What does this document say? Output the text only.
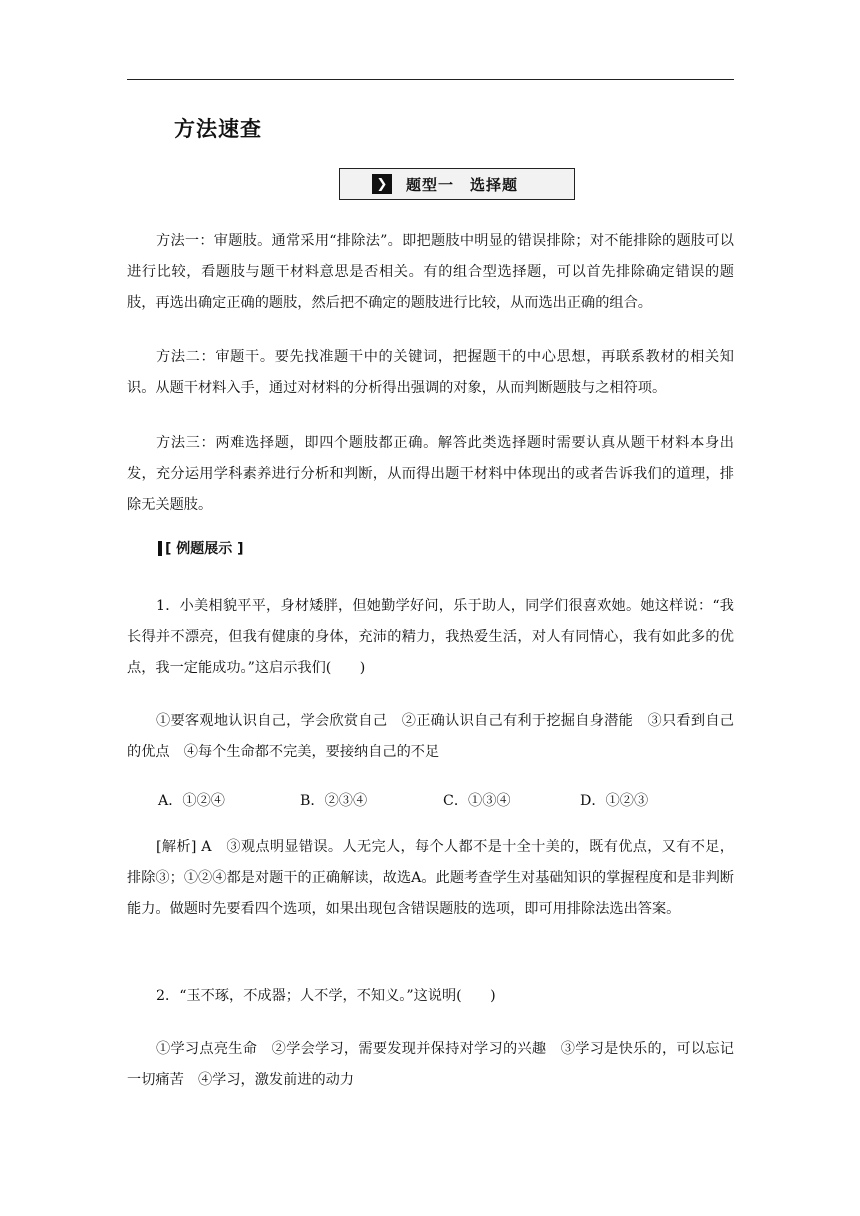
方法速查
❯	题型一　选择题

方法一：审题肢。通常采用“排除法”。即把题肢中明显的错误排除；对不能排除的题肢可以进行比较，看题肢与题干材料意思是否相关。有的组合型选择题，可以首先排除确定错误的题肢，再选出确定正确的题肢，然后把不确定的题肢进行比较，从而选出正确的组合。

方法二：审题干。要先找准题干中的关键词，把握题干的中心思想，再联系教材的相关知识。从题干材料入手，通过对材料的分析得出强调的对象，从而判断题肢与之相符项。

方法三：两难选择题，即四个题肢都正确。解答此类选择题时需要认真从题干材料本身出发，充分运用学科素养进行分析和判断，从而得出题干材料中体现出的或者告诉我们的道理，排除无关题肢。

[ 例题展示 ]

1．小美相貌平平，身材矮胖，但她勤学好问，乐于助人，同学们很喜欢她。她这样说：“我长得并不漂亮，但我有健康的身体，充沛的精力，我热爱生活，对人有同情心，我有如此多的优点，我一定能成功。”这启示我们(　　)

①要客观地认识自己，学会欣赏自己　②正确认识自己有利于挖掘自身潜能　③只看到自己的优点　④每个生命都不完美，要接纳自己的不足

A．①②④	B．②③④	C．①③④	D．①②③

[解析] A　③观点明显错误。人无完人，每个人都不是十全十美的，既有优点，又有不足，排除③；①②④都是对题干的正确解读，故选A。此题考查学生对基础知识的掌握程度和是非判断能力。做题时先要看四个选项，如果出现包含错误题肢的选项，即可用排除法选出答案。

2．“玉不琢，不成器；人不学，不知义。”这说明(　　)

①学习点亮生命　②学会学习，需要发现并保持对学习的兴趣　③学习是快乐的，可以忘记一切痛苦　④学习，激发前进的动力
